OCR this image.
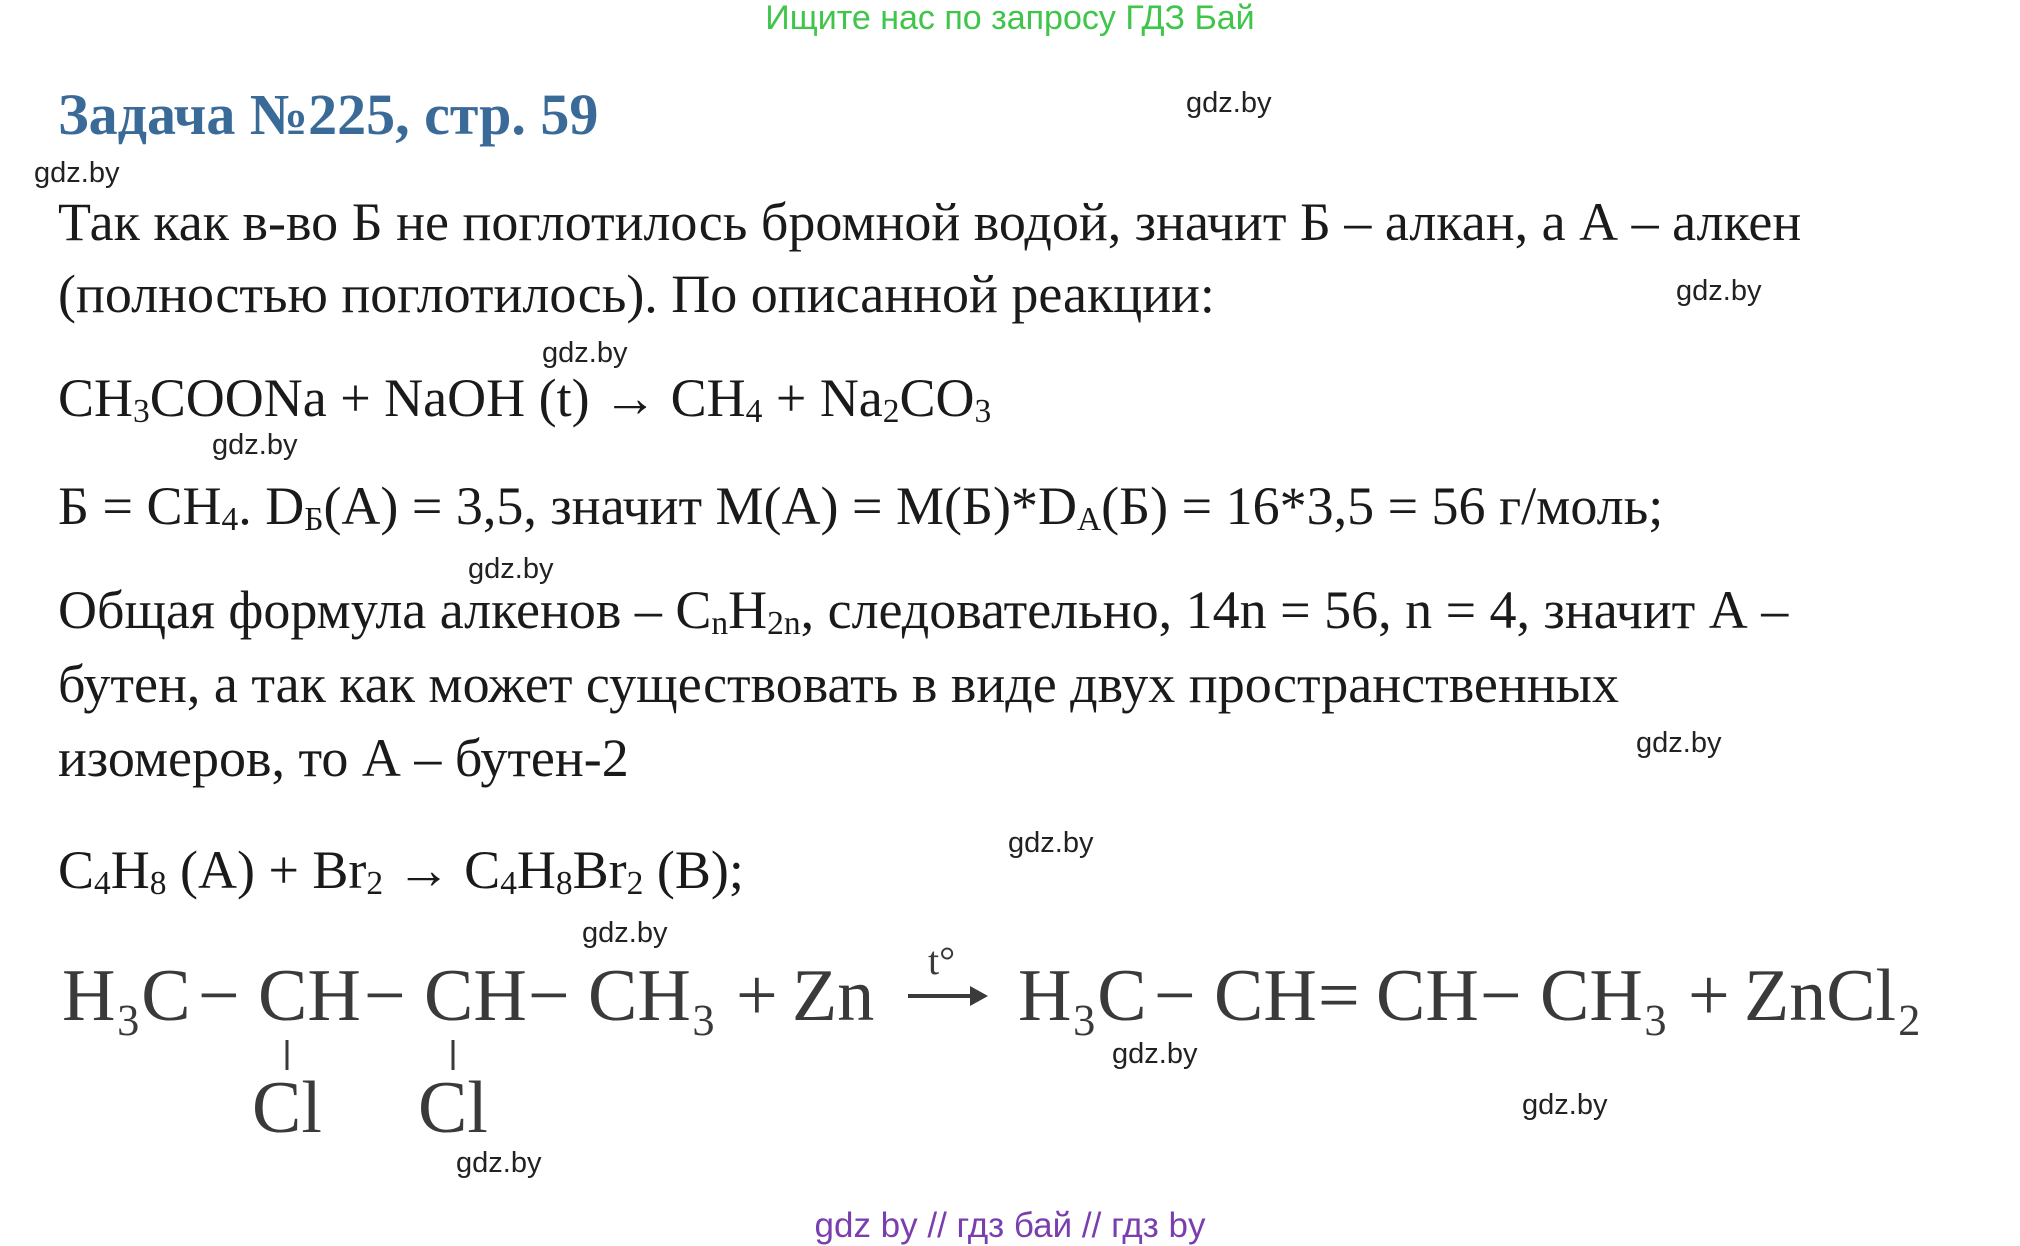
Ищите нас по запросу ГДЗ Бай
Задача №225, стр. 59	gdz.by
gdz.by
gdz.by
gdz.by
gdz.by
gdz.by
gdz.by
gdz.by
gdz.by
gdz.by
gdz.by
gdz.by
Так как в-во Б не поглотилось бромной водой, значит Б – алкан, а А – алкен
(полностью поглотилось). По описанной реакции:
$CH_3COONa$ + NaOH $(t) \to CH_4 + Na_2CO_3$
$Б = CH_4$. $D_Б(A) = 3,5$, значит $M(A) = M(Б)*D_A(Б) = 16*3,5 = 56$ г/моль;
Общая формула алкенов – $C_nH_{2n}$, следовательно, 14n = 56, n = 4, значит А –
бутен, а так как может существовать в виде двух пространственных
изомеров, то А – бутен-2
$C_4H_8$ $(A) + Br_2 \to C_4H_8Br_2$ (B);
H₃C − CH − CH − CH₃ + Zn t° H₃C − CH = CH − CH₃ + ZnCl₂
Cl Cl
gdz by // гдз бай // гдз by
